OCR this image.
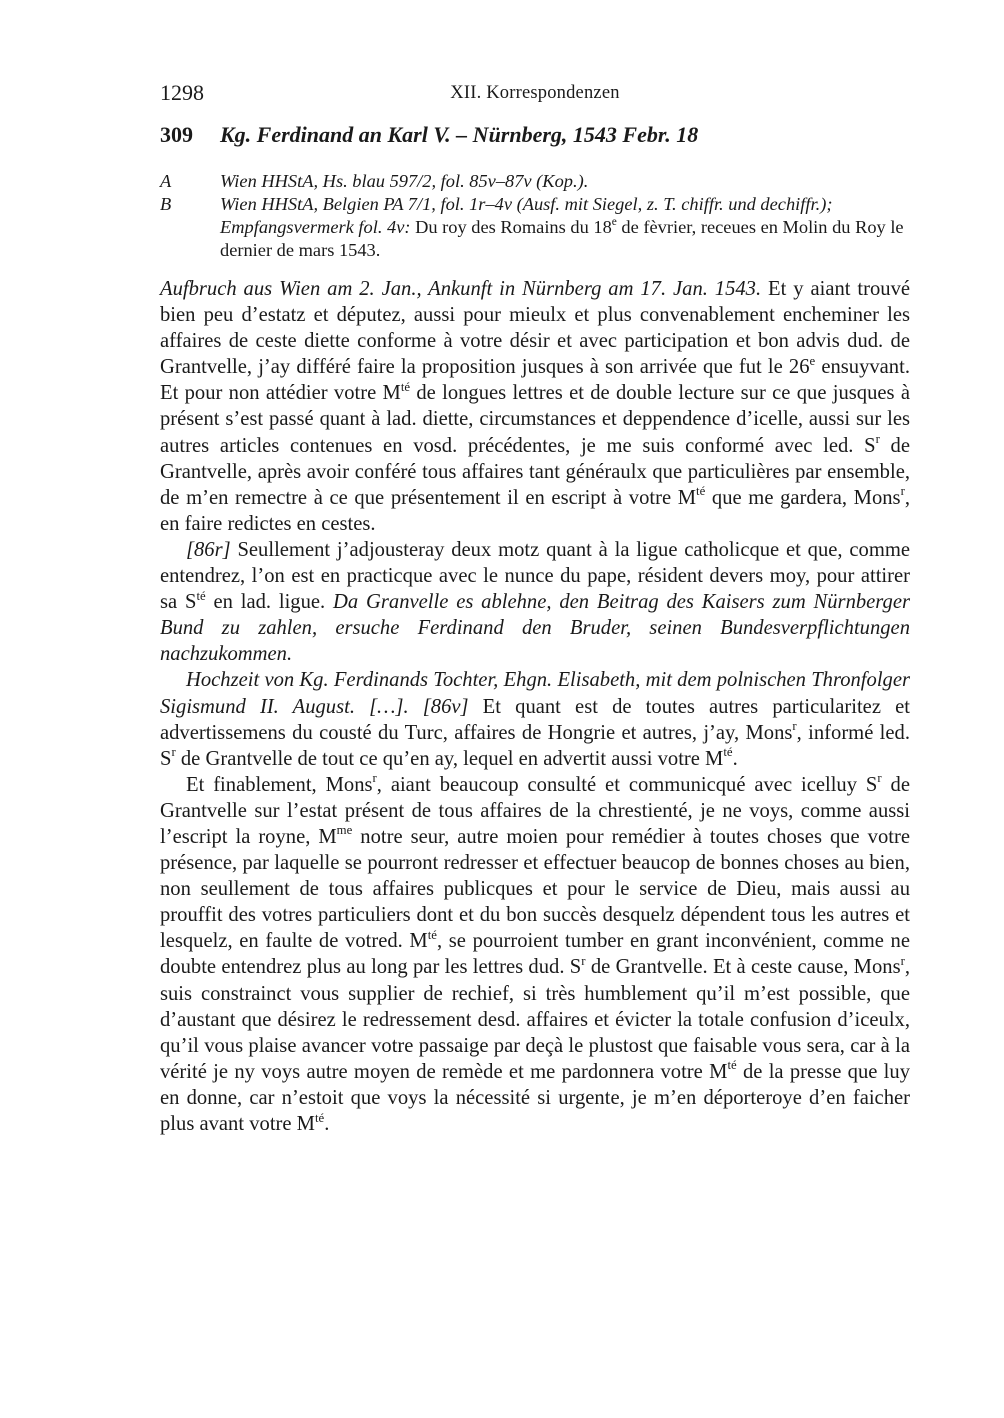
1298	XII. Korrespondenzen
309 Kg. Ferdinand an Karl V. – Nürnberg, 1543 Febr. 18
A	Wien HHStA, Hs. blau 597/2, fol. 85v–87v (Kop.).
B	Wien HHStA, Belgien PA 7/1, fol. 1r–4v (Ausf. mit Siegel, z. T. chiffr. und dechiffr.); Empfangsvermerk fol. 4v: Du roy des Romains du 18e de fèvrier, receues en Molin du Roy le dernier de mars 1543.

Aufbruch aus Wien am 2. Jan., Ankunft in Nürnberg am 17. Jan. 1543. Et y aiant trouvé bien peu d’estatz et députez, aussi pour mieulx et plus convenablement encheminer les affaires de ceste diette conforme à votre désir et avec participation et bon advis dud. de Grantvelle, j’ay différé faire la proposition jusques à son arrivée que fut le 26e ensuyvant. Et pour non attédier votre $M^{té}$ de longues lettres et de double lecture sur ce que jusques à présent s’est passé quant à lad. diette, circumstances et deppendence d’icelle, aussi sur les autres articles contenues en vosd. précédentes, je me suis conformé avec led. $S^r$ de Grantvelle, après avoir conféré tous affaires tant généraulx que particulières par ensemble, de m’en remectre à ce que présentement il en escript à votre $M^{té}$ que me gardera, Mons$^r$, en faire redictes en cestes.

[86r] Seullement j’adjousteray deux motz quant à la ligue catholicque et que, comme entendrez, l’on est en practicque avec le nunce du pape, résident devers moy, pour attirer sa $S^{té}$ en lad. ligue. Da Granvelle es ablehne, den Beitrag des Kaisers zum Nürnberger Bund zu zahlen, ersuche Ferdinand den Bruder, seinen Bundesverpflichtungen nachzukommen.

Hochzeit von Kg. Ferdinands Tochter, Ehgn. Elisabeth, mit dem polnischen Thronfolger Sigismund II. August. […]. [86v] Et quant est de toutes autres particularitez et advertissemens du cousté du Turc, affaires de Hongrie et autres, j’ay, Mons$^r$, informé led. $S^r$ de Grantvelle de tout ce qu’en ay, lequel en advertit aussi votre $M^{té}$.

Et finablement, Mons$^r$, aiant beaucoup consulté et communicqué avec icelluy $S^r$ de Grantvelle sur l’estat présent de tous affaires de la chrestienté, je ne voys, comme aussi l’escript la royne, $M^{me}$ notre seur, autre moien pour remédier à toutes choses que votre présence, par laquelle se pourront redresser et effectuer beaucop de bonnes choses au bien, non seullement de tous affaires publicques et pour le service de Dieu, mais aussi au prouffit des votres particuliers dont et du bon succès desquelz dépendent tous les autres et lesquelz, en faulte de votred. $M^{té}$, se pourroient tumber en grant inconvénient, comme ne doubte entendrez plus au long par les lettres dud. $S^r$ de Grantvelle. Et à ceste cause, Mons$^r$, suis constrainct vous supplier de rechief, si très humblement qu’il m’est possible, que d’austant que désirez le redressement desd. affaires et évicter la totale confusion d’iceulx, qu’il vous plaise avancer votre passaige par deçà le plustost que faisable vous sera, car à la vérité je ny voys autre moyen de remède et me pardonnera votre $M^{té}$ de la presse que luy en donne, car n’estoit que voys la nécessité si urgente, je m’en déporteroye d’en faicher plus avant votre $M^{té}$.
